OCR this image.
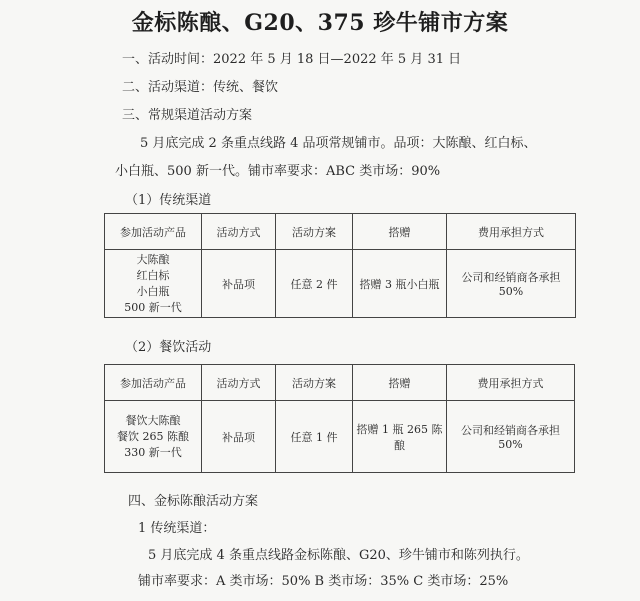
金标陈酿、G20、375 珍牛铺市方案
一、活动时间：2022 年 5 月 18 日—2022 年 5 月 31 日
二、活动渠道：传统、餐饮
三、常规渠道活动方案
5 月底完成 2 条重点线路 4 品项常规铺市。品项：大陈酿、红白标、
小白瓶、500 新一代。铺市率要求：ABC 类市场：90%
（1）传统渠道
参加活动产品	活动方式	活动方案	搭赠	费用承担方式

大陈酿
红白标
小白瓶
500 新一代	补品项	任意 2 件	搭赠 3 瓶小白瓶	公司和经销商各承担 50%
（2）餐饮活动
参加活动产品	活动方式	活动方案	搭赠	费用承担方式

餐饮大陈酿
餐饮 265 陈酿
330 新一代	补品项	任意 1 件	搭赠 1 瓶 265 陈酿	公司和经销商各承担 50%
四、金标陈酿活动方案
1 传统渠道：
5 月底完成 4 条重点线路金标陈酿、G20、珍牛铺市和陈列执行。
铺市率要求：A 类市场：50% B 类市场：35% C 类市场：25%
